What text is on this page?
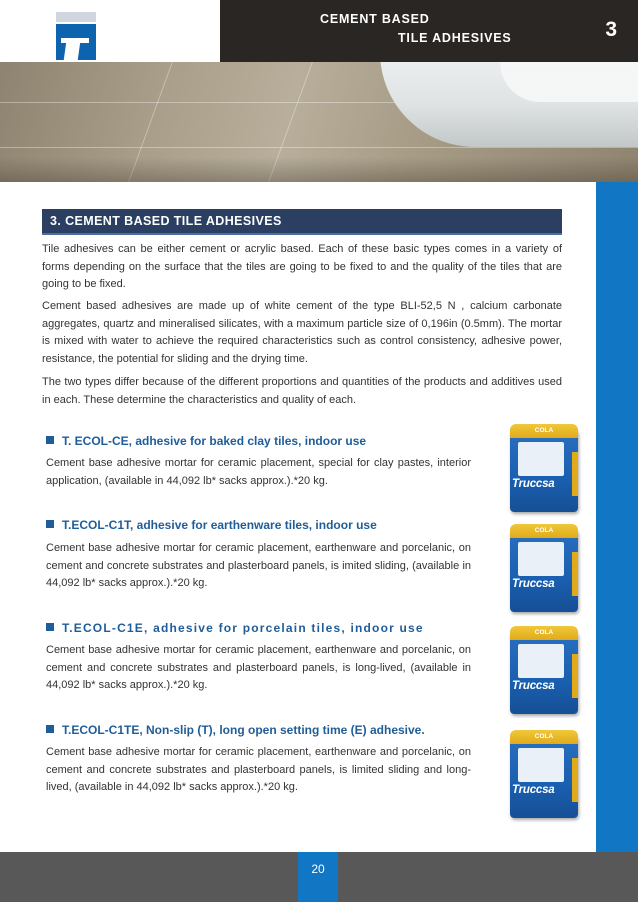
CEMENT BASED
TILE ADHESIVES	3
3. CEMENT BASED TILE ADHESIVES

Tile adhesives can be either cement or acrylic based. Each of these basic types comes in a variety of forms depending on the surface that the tiles are going to be fixed to and the quality of the tiles that are going to be fixed.

Cement based adhesives are made up of white cement of the type BLI-52,5 N , calcium carbonate aggregates, quartz and mineralised silicates, with a maximum particle size of 0,196in (0.5mm). The mortar is mixed with water to achieve the required characteristics such as control consistency, adhesive power, resistance, the potential for sliding and the drying time.

The two types differ because of the different proportions and quantities of the products and additives used in each. These determine the characteristics and quality of each.

T. ECOL-CE, adhesive for baked clay tiles, indoor use

Cement base adhesive mortar for ceramic placement, special for clay pastes, interior application, (available in 44,092 lb* sacks approx.).*20 kg.

T.ECOL-C1T, adhesive for earthenware tiles, indoor use

Cement base adhesive mortar for ceramic placement, earthenware and porcelanic, on cement and concrete substrates and plasterboard panels, is imited sliding, (available in 44,092 lb* sacks approx.).*20 kg.

T.ECOL-C1E, adhesive for porcelain tiles, indoor use

Cement base adhesive mortar for ceramic placement, earthenware and porcelanic, on cement and concrete substrates and plasterboard panels, is long-lived, (available in 44,092 lb* sacks approx.).*20 kg.

T.ECOL-C1TE, Non-slip (T), long open setting time (E) adhesive.

Cement base adhesive mortar for ceramic placement, earthenware and porcelanic, on cement and concrete substrates and plasterboard panels, is limited sliding and long-lived, (available in 44,092 lb* sacks approx.).*20 kg.

COLA
Truccsa
COLA
Truccsa
COLA
Truccsa
COLA
Truccsa
20
